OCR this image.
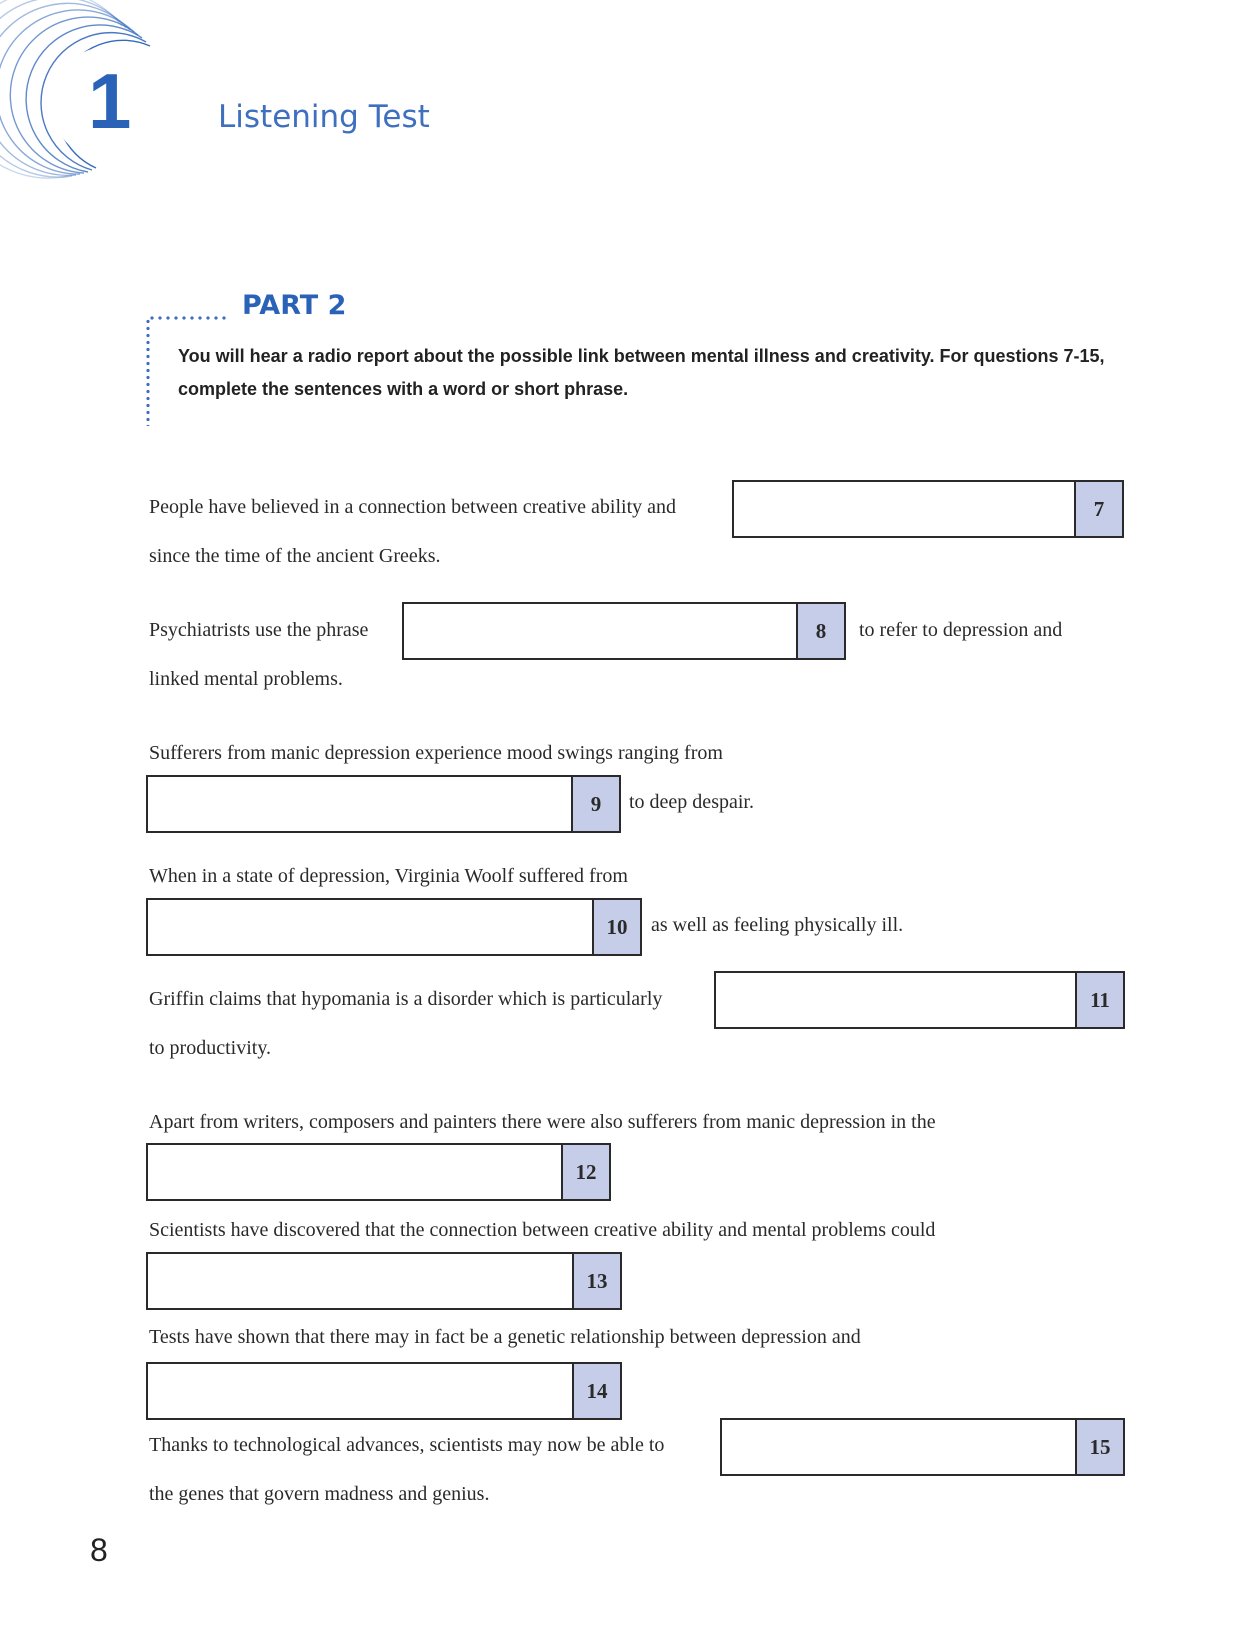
1	Listening Test
PART 2
You will hear a radio report about the possible link between mental illness and creativity. For questions 7-15, complete the sentences with a word or short phrase.
People have believed in a connection between creative ability and	7
since the time of the ancient Greeks.
Psychiatrists use the phrase	8	to refer to depression and
linked mental problems.
Sufferers from manic depression experience mood swings ranging from
9	to deep despair.
When in a state of depression, Virginia Woolf suffered from
10	as well as feeling physically ill.
Griffin claims that hypomania is a disorder which is particularly	11
to productivity.
Apart from writers, composers and painters there were also sufferers from manic depression in the
12
Scientists have discovered that the connection between creative ability and mental problems could
13
Tests have shown that there may in fact be a genetic relationship between depression and
14
Thanks to technological advances, scientists may now be able to	15
the genes that govern madness and genius.
8
